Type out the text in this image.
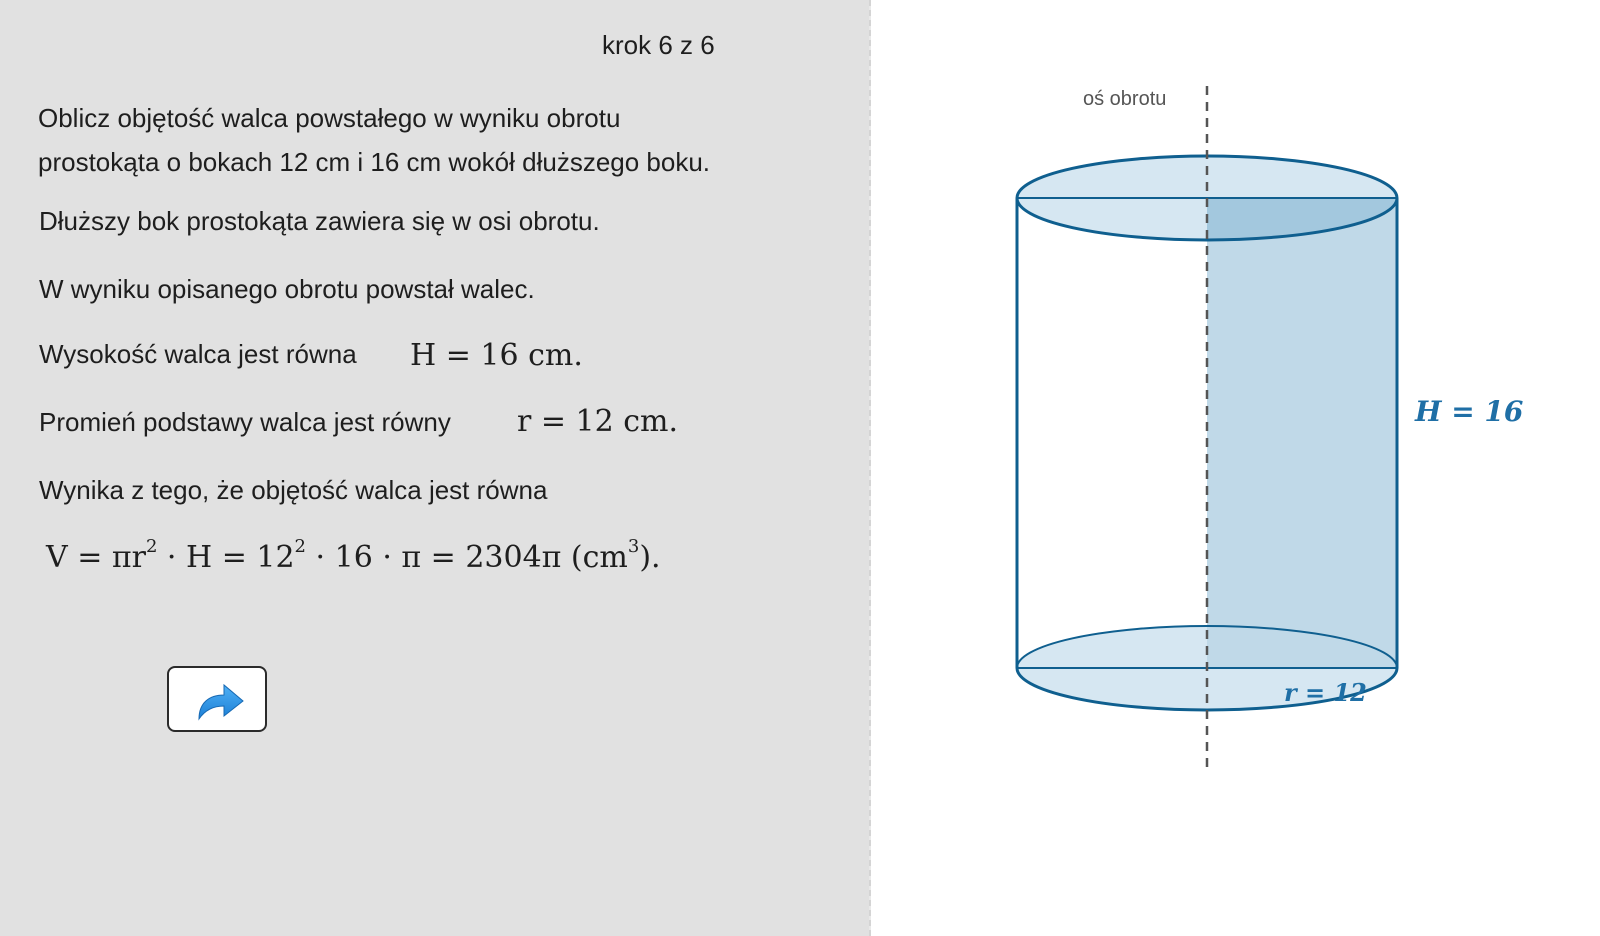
krok 6 z 6
Oblicz objętość walca powstałego w wyniku obrotu
prostokąta o bokach 12 cm i 16 cm wokół dłuższego boku.
Dłuższy bok prostokąta zawiera się w osi obrotu.
W wyniku opisanego obrotu powstał walec.
Wysokość walca jest równa H = 16 cm.
Promień podstawy walca jest równy r = 12 cm.
Wynika z tego, że objętość walca jest równa
$V = \pi r^2 \cdot H = 12^2 \cdot 16 \cdot \pi = 2304\pi$ $(cm^3)$.
oś obrotu
H = 16
r = 12
